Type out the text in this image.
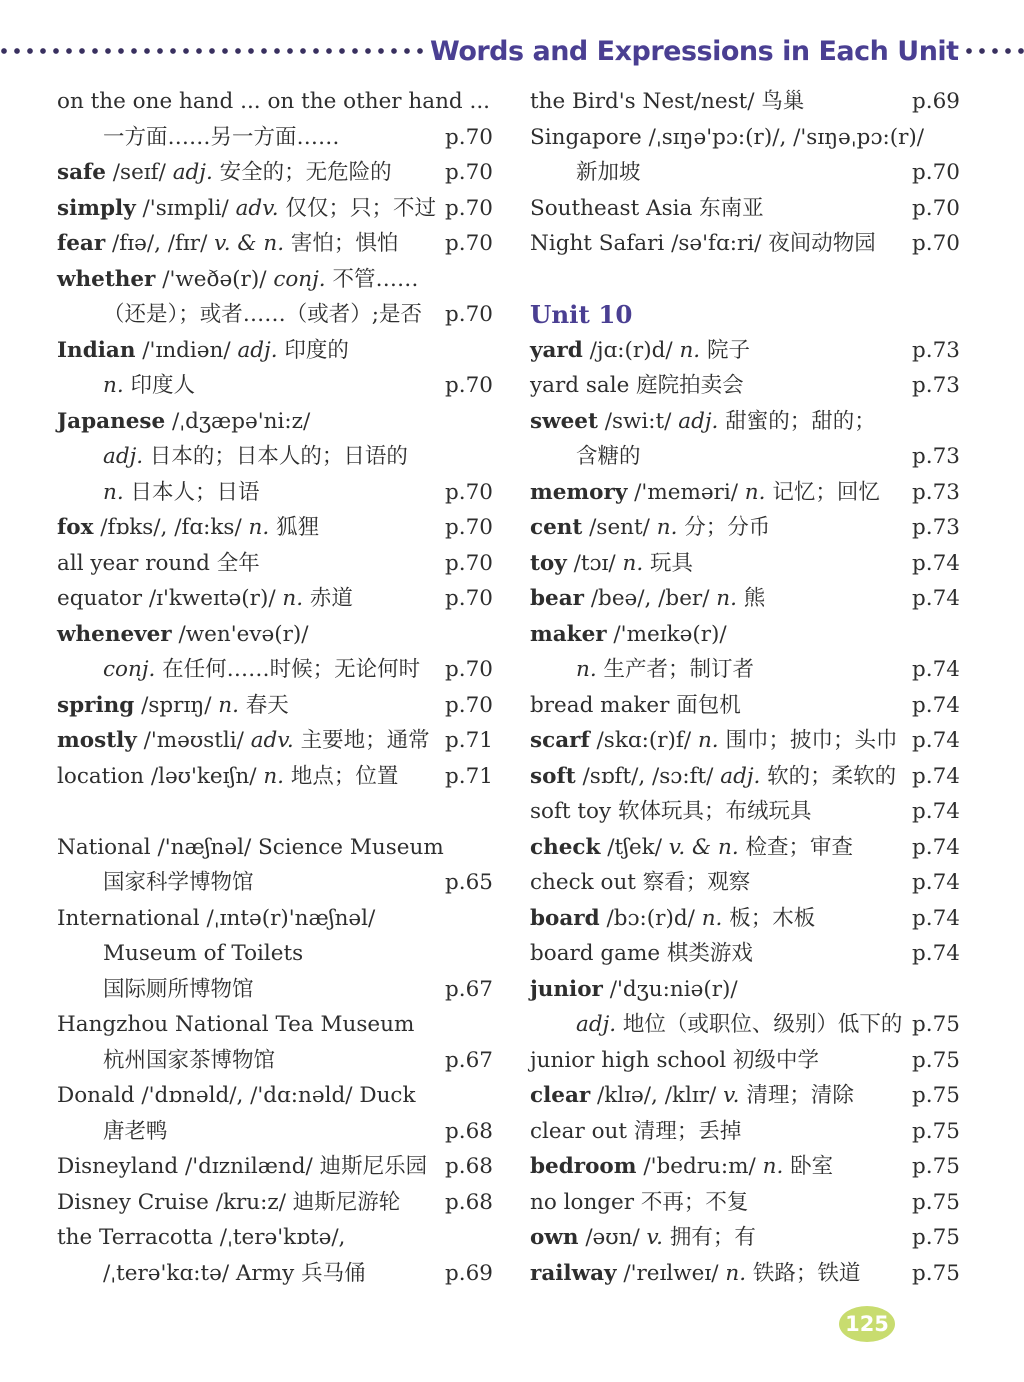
Words and Expressions in Each Unit
on the one hand ... on the other hand ...
一方面……另一方面……	p.70
safe /seɪf/ adj. 安全的；无危险的 p.70
simply /'sɪmpli/ adv. 仅仅；只；不过 p.70
fear /fɪə/, /fɪr/ v. & n. 害怕；惧怕 p.70
whether /'weðə(r)/ conj. 不管……
（还是）；或者……（或者）;是否 p.70
Indian /'ɪndiən/ adj. 印度的
n. 印度人	p.70
Japanese /ˌdʒæpə'ni:z/
adj. 日本的；日本人的；日语的
n. 日本人；日语	p.70
fox /fɒks/, /fɑ:ks/ n. 狐狸	p.70
all year round 全年	p.70
equator /ɪ'kweɪtə(r)/ n. 赤道	p.70
whenever /wen'evə(r)/
conj. 在任何……时候；无论何时 p.70
spring /sprɪŋ/ n. 春天	p.70
mostly /'məʊstli/ adv. 主要地；通常 p.71
location /ləʊ'keɪʃn/ n. 地点；位置 p.71
National /'næʃnəl/ Science Museum
国家科学博物馆	p.65
International /ˌɪntə(r)'næʃnəl/
Museum of Toilets
国际厕所博物馆	p.67
Hangzhou National Tea Museum
杭州国家茶博物馆	p.67
Donald /'dɒnəld/, /'dɑ:nəld/ Duck
唐老鸭	p.68
Disneyland /'dɪznilænd/ 迪斯尼乐园 p.68
Disney Cruise /kru:z/ 迪斯尼游轮 p.68
the Terracotta /ˌterə'kɒtə/,
/ˌterə'kɑ:tə/ Army 兵马俑	p.69
the Bird's Nest/nest/ 鸟巢	p.69
Singapore /ˌsɪŋə'pɔ:(r)/, /'sɪŋəˌpɔ:(r)/
新加坡	p.70
Southeast Asia 东南亚	p.70
Night Safari /sə'fɑ:ri/ 夜间动物园 p.70
Unit 10
yard /jɑ:(r)d/ n. 院子	p.73
yard sale 庭院拍卖会	p.73
sweet /swi:t/ adj. 甜蜜的；甜的；
含糖的	p.73
memory /'meməri/ n. 记忆；回忆 p.73
cent /sent/ n. 分；分币	p.73
toy /tɔɪ/ n. 玩具	p.74
bear /beə/, /ber/ n. 熊	p.74
maker /'meɪkə(r)/
n. 生产者；制订者	p.74
bread maker 面包机	p.74
scarf /skɑ:(r)f/ n. 围巾；披巾；头巾 p.74
soft /sɒft/, /sɔ:ft/ adj. 软的；柔软的 p.74
soft toy 软体玩具；布绒玩具	p.74
check /tʃek/ v. & n. 检查；审查	p.74
check out 察看；观察	p.74
board /bɔ:(r)d/ n. 板；木板	p.74
board game 棋类游戏	p.74
junior /'dʒu:niə(r)/
adj. 地位（或职位、级别）低下的 p.75
junior high school 初级中学	p.75
clear /klɪə/, /klɪr/ v. 清理；清除	p.75
clear out 清理；丢掉	p.75
bedroom /'bedru:m/ n. 卧室	p.75
no longer 不再；不复	p.75
own /əʊn/ v. 拥有；有	p.75
railway /'reɪlweɪ/ n. 铁路；铁道 p.75
125
